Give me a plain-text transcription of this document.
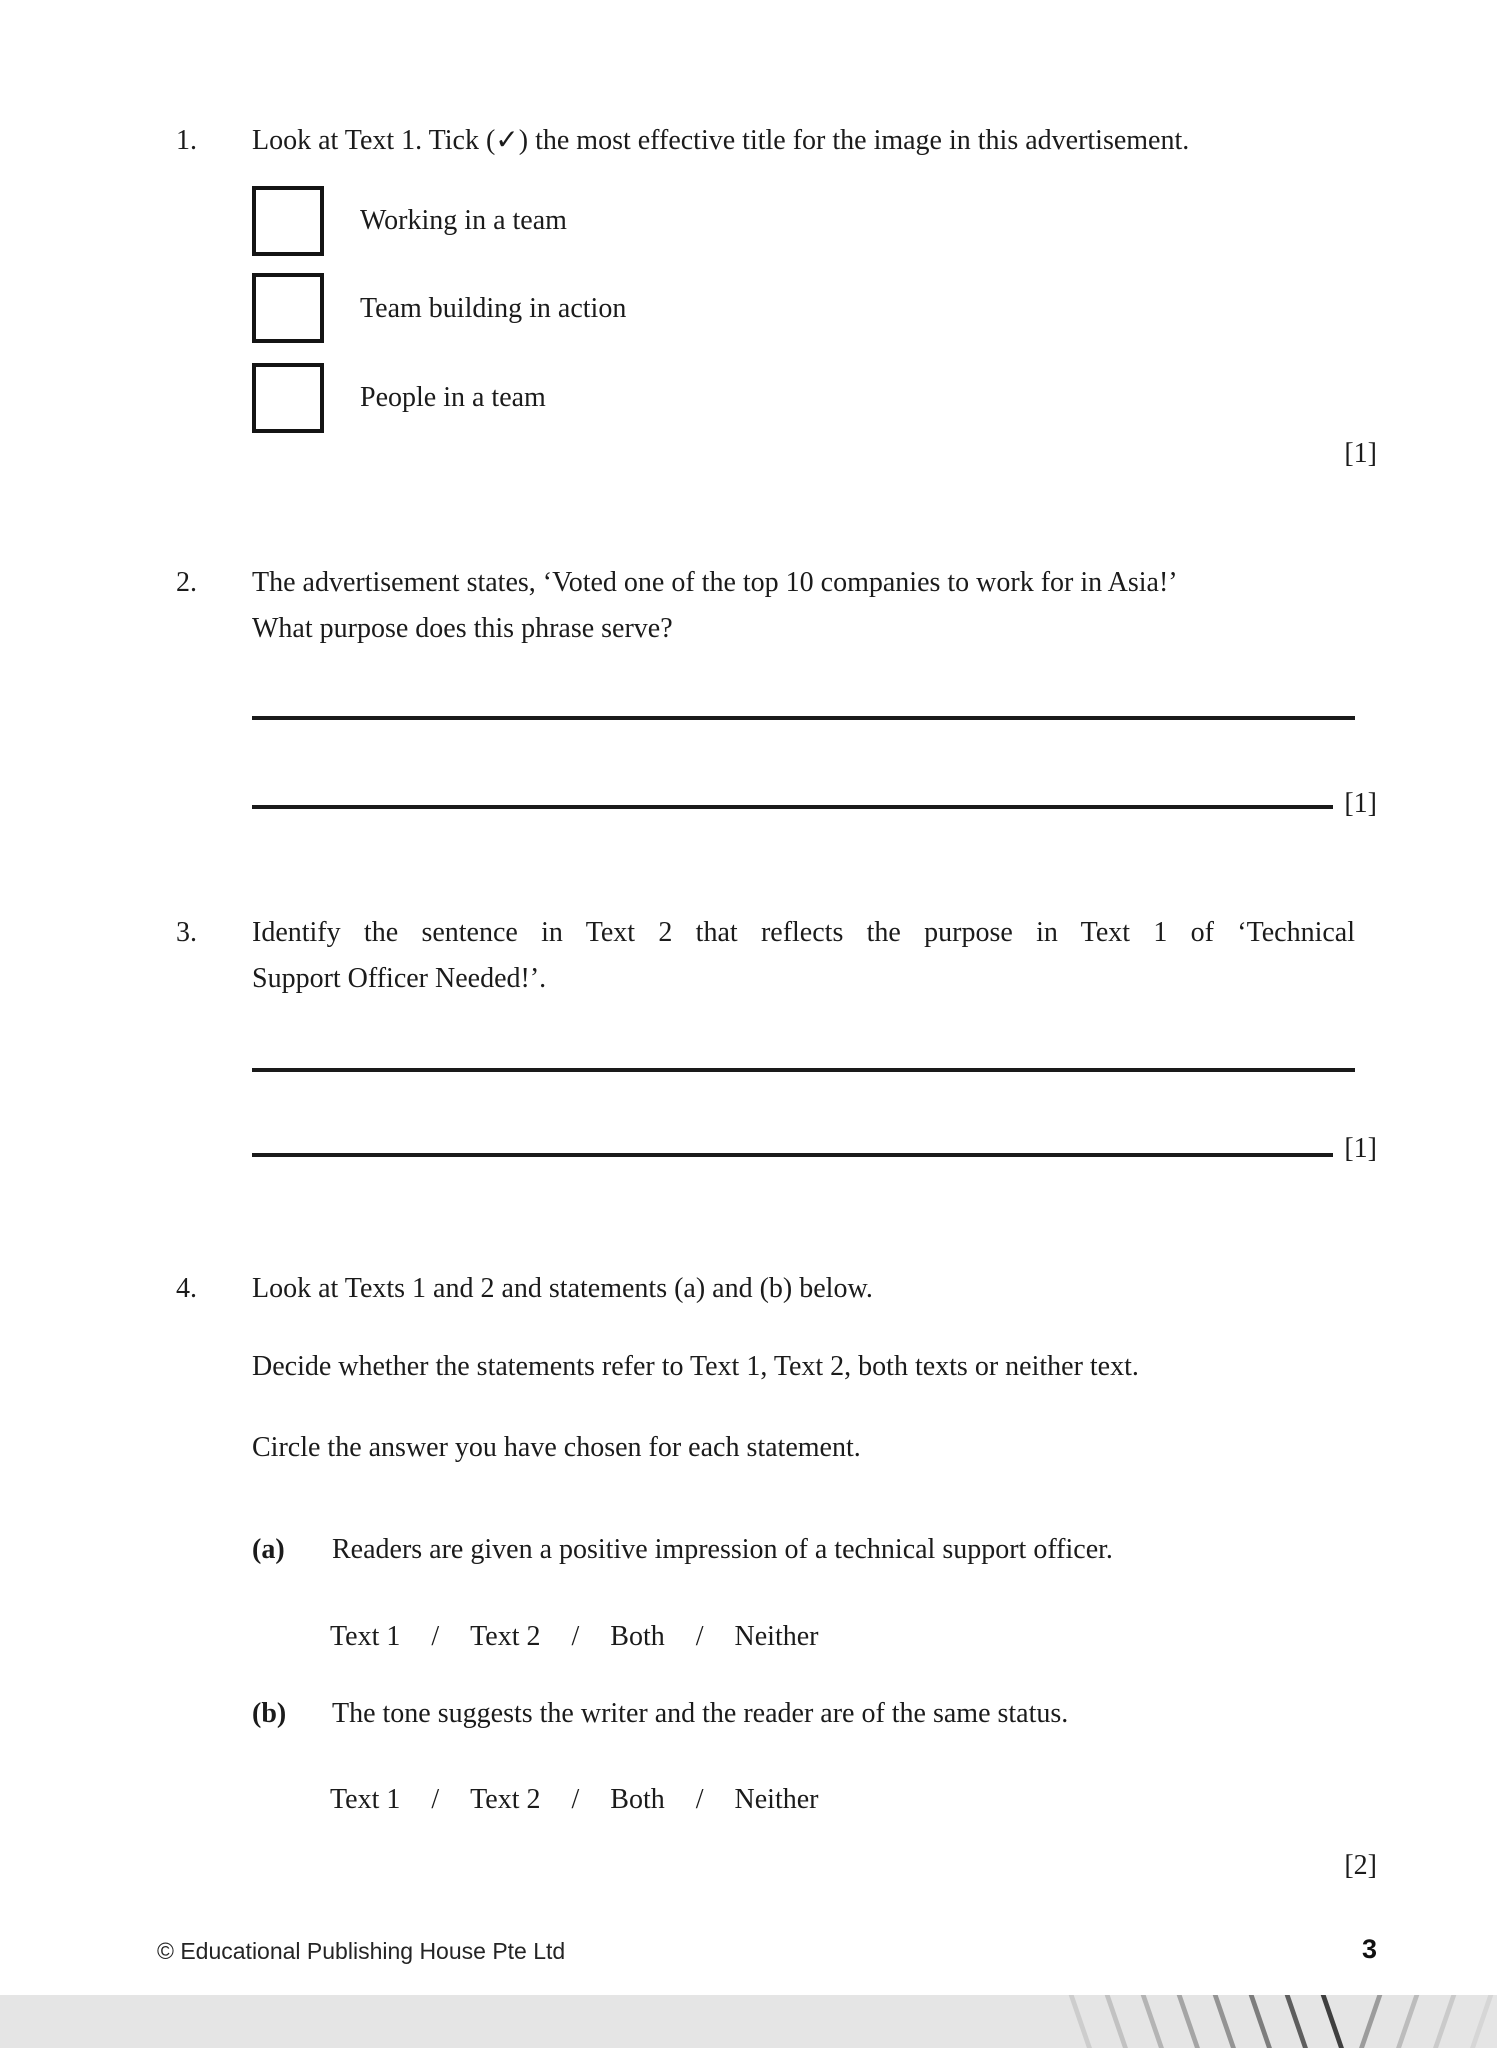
1. Look at Text 1. Tick (✓) the most effective title for the image in this advertisement.
Working in a team
Team building in action
People in a team
[1]
2. The advertisement states, ‘Voted one of the top 10 companies to work for in Asia!’
What purpose does this phrase serve?
[1]
3. Identify the sentence in Text 2 that reflects the purpose in Text 1 of ‘Technical
Support Officer Needed!’.
[1]
4. Look at Texts 1 and 2 and statements (a) and (b) below.
Decide whether the statements refer to Text 1, Text 2, both texts or neither text.
Circle the answer you have chosen for each statement.
(a) Readers are given a positive impression of a technical support officer.
Text 1 / Text 2 / Both / Neither
(b) The tone suggests the writer and the reader are of the same status.
Text 1 / Text 2 / Both / Neither
[2]
© Educational Publishing House Pte Ltd	3
